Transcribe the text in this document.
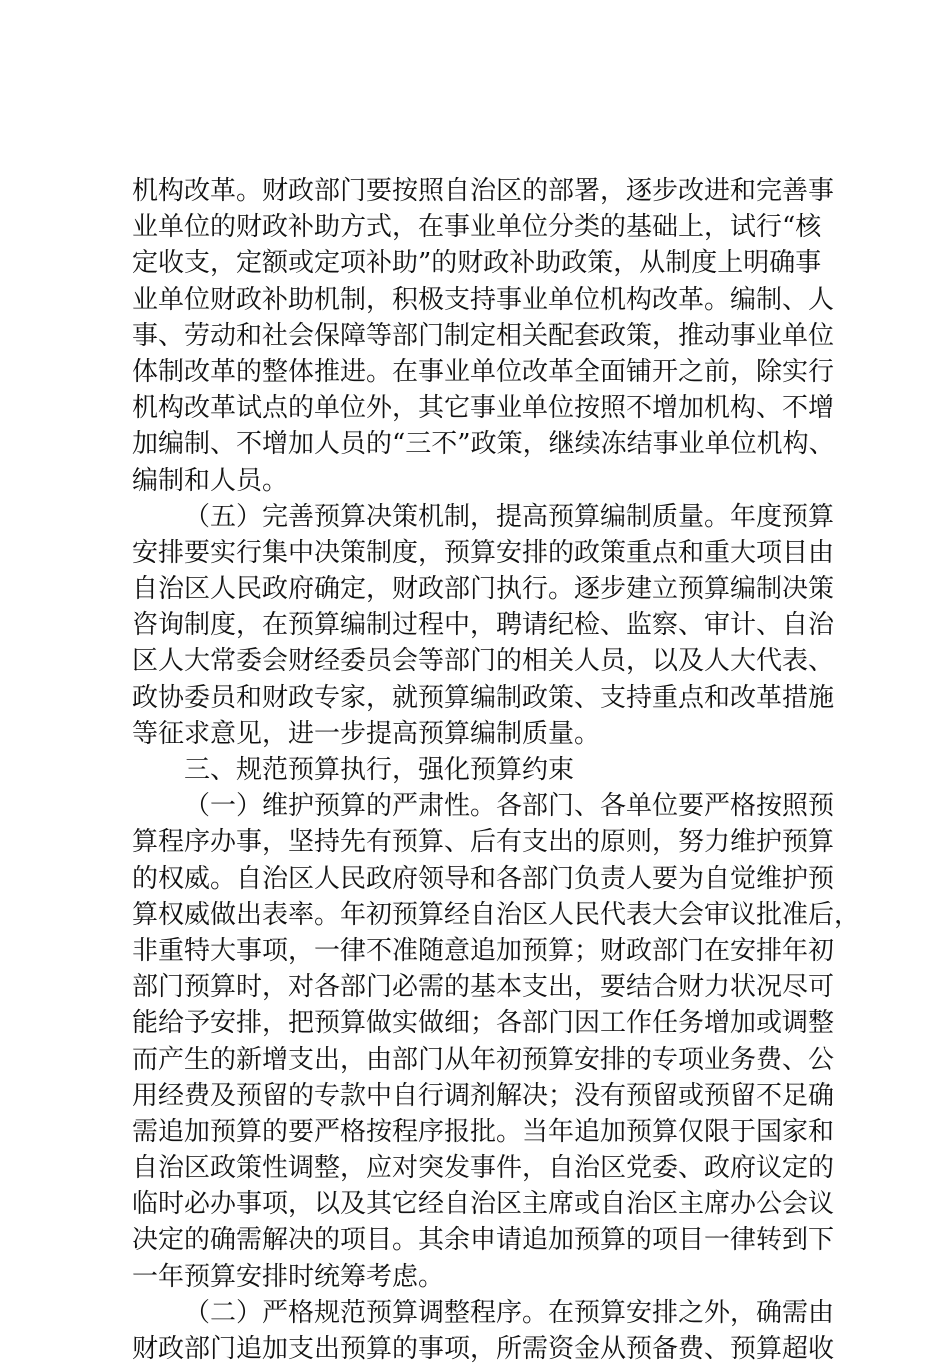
机构改革。财政部门要按照自治区的部署，逐步改进和完善事
业单位的财政补助方式，在事业单位分类的基础上，试行“核
定收支，定额或定项补助”的财政补助政策，从制度上明确事
业单位财政补助机制，积极支持事业单位机构改革。编制、人
事、劳动和社会保障等部门制定相关配套政策，推动事业单位
体制改革的整体推进。在事业单位改革全面铺开之前，除实行
机构改革试点的单位外，其它事业单位按照不增加机构、不增
加编制、不增加人员的“三不”政策，继续冻结事业单位机构、
编制和人员。
（五）完善预算决策机制，提高预算编制质量。年度预算
安排要实行集中决策制度，预算安排的政策重点和重大项目由
自治区人民政府确定，财政部门执行。逐步建立预算编制决策
咨询制度，在预算编制过程中，聘请纪检、监察、审计、自治
区人大常委会财经委员会等部门的相关人员，以及人大代表、
政协委员和财政专家，就预算编制政策、支持重点和改革措施
等征求意见，进一步提高预算编制质量。
三、规范预算执行，强化预算约束
（一）维护预算的严肃性。各部门、各单位要严格按照预
算程序办事，坚持先有预算、后有支出的原则，努力维护预算
的权威。自治区人民政府领导和各部门负责人要为自觉维护预
算权威做出表率。年初预算经自治区人民代表大会审议批准后，
非重特大事项，一律不准随意追加预算；财政部门在安排年初
部门预算时，对各部门必需的基本支出，要结合财力状况尽可
能给予安排，把预算做实做细；各部门因工作任务增加或调整
而产生的新增支出，由部门从年初预算安排的专项业务费、公
用经费及预留的专款中自行调剂解决；没有预留或预留不足确
需追加预算的要严格按程序报批。当年追加预算仅限于国家和
自治区政策性调整，应对突发事件，自治区党委、政府议定的
临时必办事项，以及其它经自治区主席或自治区主席办公会议
决定的确需解决的项目。其余申请追加预算的项目一律转到下
一年预算安排时统筹考虑。
（二）严格规范预算调整程序。在预算安排之外，确需由
财政部门追加支出预算的事项，所需资金从预备费、预算超收
